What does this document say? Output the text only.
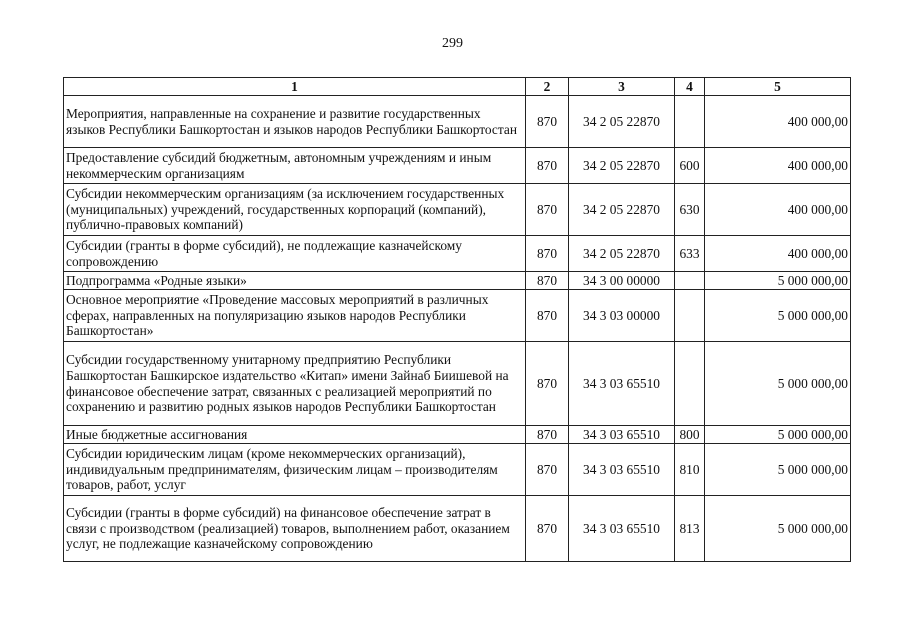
299
1	2	3	4	5
Мероприятия, направленные на сохранение и развитие государственных языков Республики Башкортостан и языков народов Республики Башкортостан	870	34 2 05 22870		400 000,00
Предоставление субсидий бюджетным, автономным учреждениям и иным некоммерческим организациям	870	34 2 05 22870	600	400 000,00
Субсидии некоммерческим организациям (за исключением государственных (муниципальных) учреждений, государственных корпораций (компаний), публично-правовых компаний)	870	34 2 05 22870	630	400 000,00
Субсидии (гранты в форме субсидий), не подлежащие казначейскому сопровождению	870	34 2 05 22870	633	400 000,00
Подпрограмма «Родные языки»	870	34 3 00 00000		5 000 000,00
Основное мероприятие «Проведение массовых мероприятий в различных сферах, направленных на популяризацию языков народов Республики Башкортостан»	870	34 3 03 00000		5 000 000,00
Субсидии государственному унитарному предприятию Республики Башкортостан Башкирское издательство «Китап» имени Зайнаб Биишевой на финансовое обеспечение затрат, связанных с реализацией мероприятий по сохранению и развитию родных языков народов Республики Башкортостан	870	34 3 03 65510		5 000 000,00
Иные бюджетные ассигнования	870	34 3 03 65510	800	5 000 000,00
Субсидии юридическим лицам (кроме некоммерческих организаций), индивидуальным предпринимателям, физическим лицам – производителям товаров, работ, услуг	870	34 3 03 65510	810	5 000 000,00
Субсидии (гранты в форме субсидий) на финансовое обеспечение затрат в связи с производством (реализацией) товаров, выполнением работ, оказанием услуг, не подлежащие казначейскому сопровождению	870	34 3 03 65510	813	5 000 000,00
